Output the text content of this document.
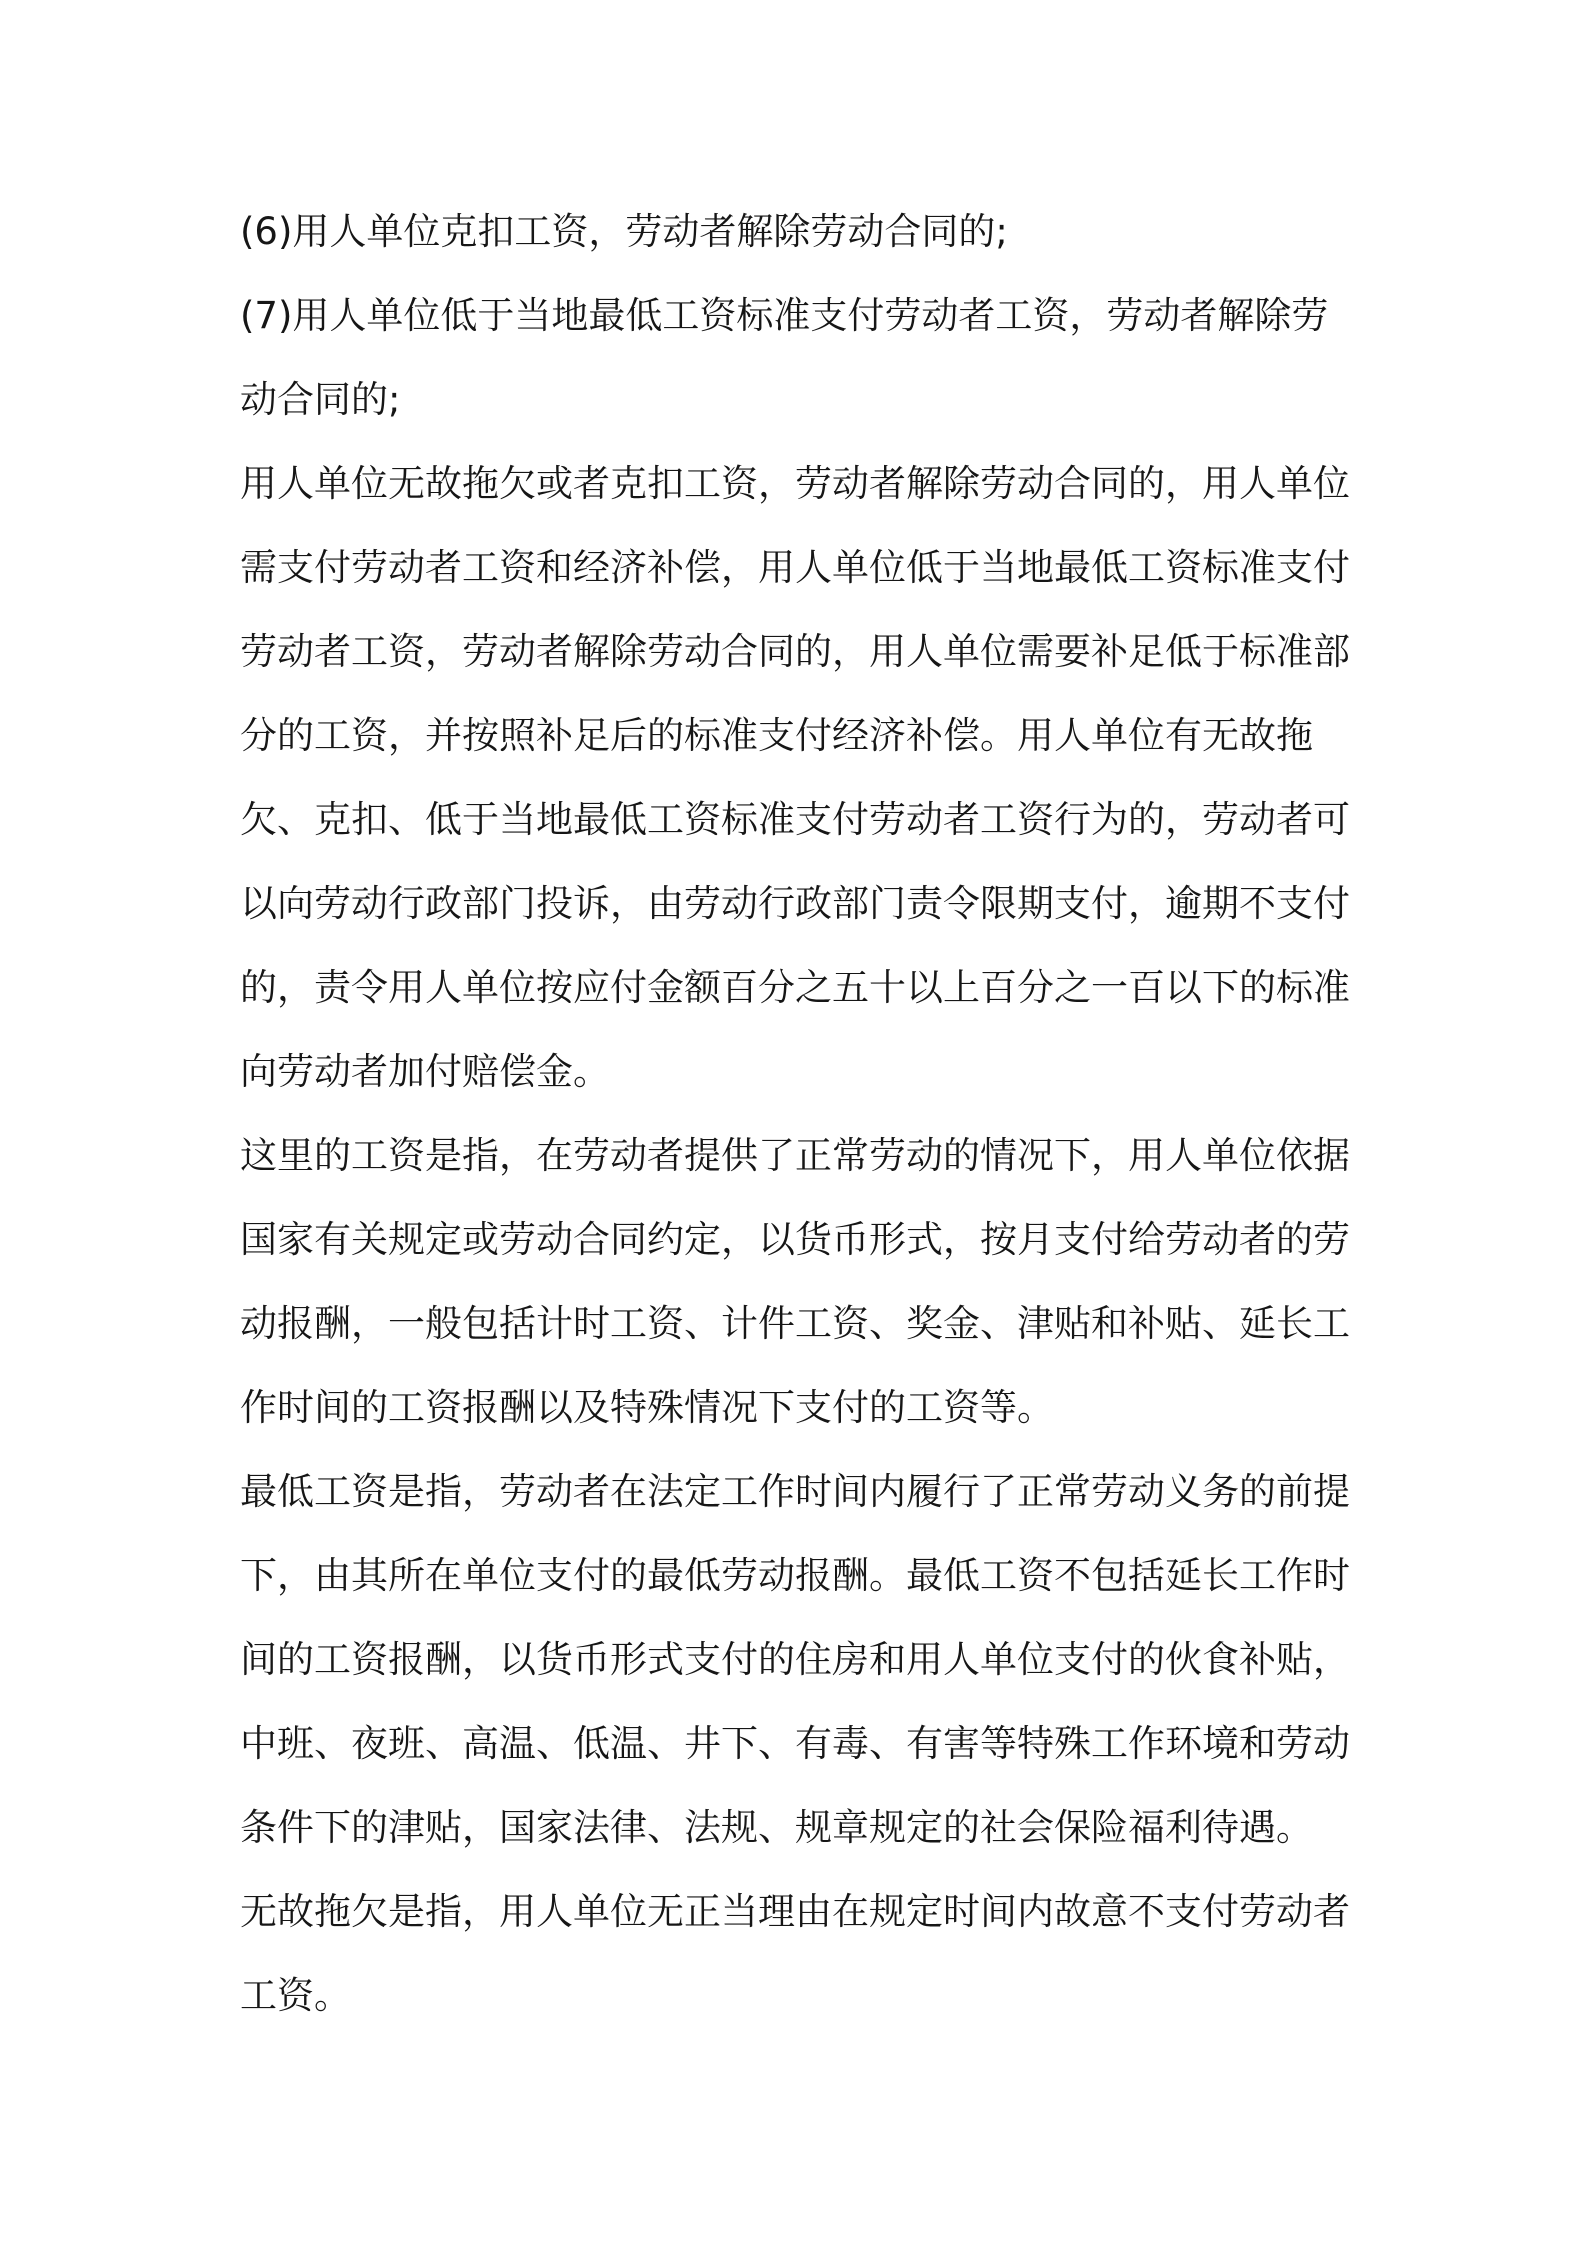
(6)用人单位克扣工资，劳动者解除劳动合同的;

(7)用人单位低于当地最低工资标准支付劳动者工资，劳动者解除劳动合同的;

用人单位无故拖欠或者克扣工资，劳动者解除劳动合同的，用人单位需支付劳动者工资和经济补偿，用人单位低于当地最低工资标准支付劳动者工资，劳动者解除劳动合同的，用人单位需要补足低于标准部分的工资，并按照补足后的标准支付经济补偿。用人单位有无故拖欠、克扣、低于当地最低工资标准支付劳动者工资行为的，劳动者可以向劳动行政部门投诉，由劳动行政部门责令限期支付，逾期不支付的，责令用人单位按应付金额百分之五十以上百分之一百以下的标准向劳动者加付赔偿金。

这里的工资是指，在劳动者提供了正常劳动的情况下，用人单位依据国家有关规定或劳动合同约定，以货币形式，按月支付给劳动者的劳动报酬，一般包括计时工资、计件工资、奖金、津贴和补贴、延长工作时间的工资报酬以及特殊情况下支付的工资等。

最低工资是指，劳动者在法定工作时间内履行了正常劳动义务的前提下，由其所在单位支付的最低劳动报酬。最低工资不包括延长工作时间的工资报酬，以货币形式支付的住房和用人单位支付的伙食补贴，中班、夜班、高温、低温、井下、有毒、有害等特殊工作环境和劳动条件下的津贴，国家法律、法规、规章规定的社会保险福利待遇。

无故拖欠是指，用人单位无正当理由在规定时间内故意不支付劳动者工资。
